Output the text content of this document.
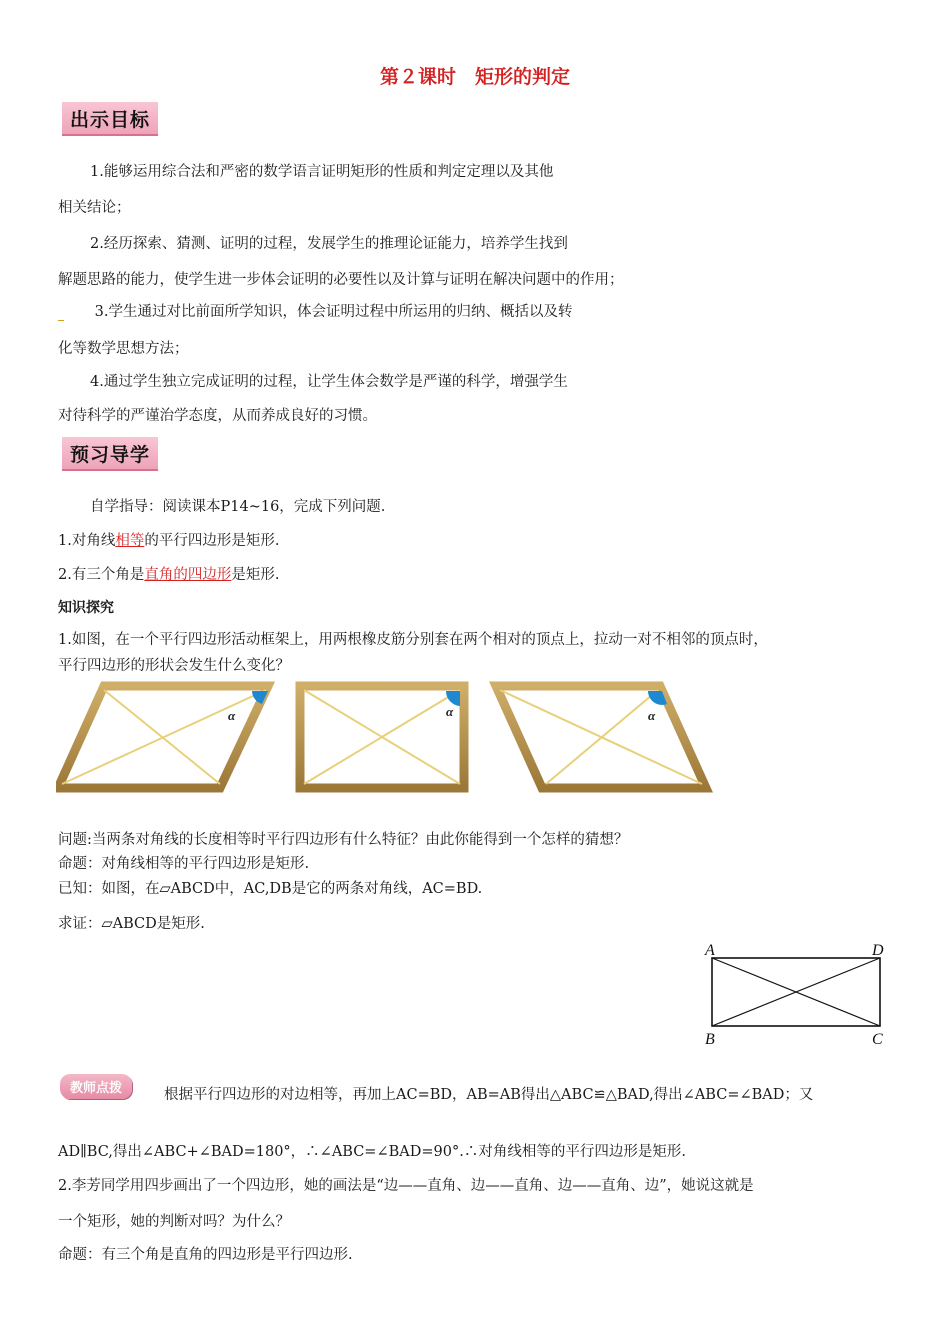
第２课时　矩形的判定
出示目标
1.能够运用综合法和严密的数学语言证明矩形的性质和判定定理以及其他
相关结论；
2.经历探索、猜测、证明的过程，发展学生的推理论证能力，培养学生找到
解题思路的能力，使学生进一步体会证明的必要性以及计算与证明在解决问题中的作用；
3.学生通过对比前面所学知识，体会证明过程中所运用的归纳、概括以及转
化等数学思想方法；
4.通过学生独立完成证明的过程，让学生体会数学是严谨的科学，增强学生
对待科学的严谨治学态度，从而养成良好的习惯。
预习导学
自学指导：阅读课本P14~16，完成下列问题.
1.对角线相等的平行四边形是矩形.
2.有三个角是直角的四边形是矩形.
知识探究
1.如图，在一个平行四边形活动框架上，用两根橡皮筋分别套在两个相对的顶点上，拉动一对不相邻的顶点时，
平行四边形的形状会发生什么变化？
α	α	α
问题:当两条对角线的长度相等时平行四边形有什么特征？由此你能得到一个怎样的猜想？
命题：对角线相等的平行四边形是矩形.
已知：如图，在▱ABCD中，AC,DB是它的两条对角线，AC=BD.
求证：▱ABCD是矩形.
A	D
B	C
教师点拨	根据平行四边形的对边相等，再加上AC=BD，AB=AB得出△ABC≌△BAD,得出∠ABC=∠BAD；又
AD∥BC,得出∠ABC+∠BAD=180°，∴∠ABC=∠BAD=90°.∴对角线相等的平行四边形是矩形.
2.李芳同学用四步画出了一个四边形，她的画法是“边——直角、边——直角、边——直角、边”，她说这就是
一个矩形，她的判断对吗？为什么？
命题：有三个角是直角的四边形是平行四边形.
